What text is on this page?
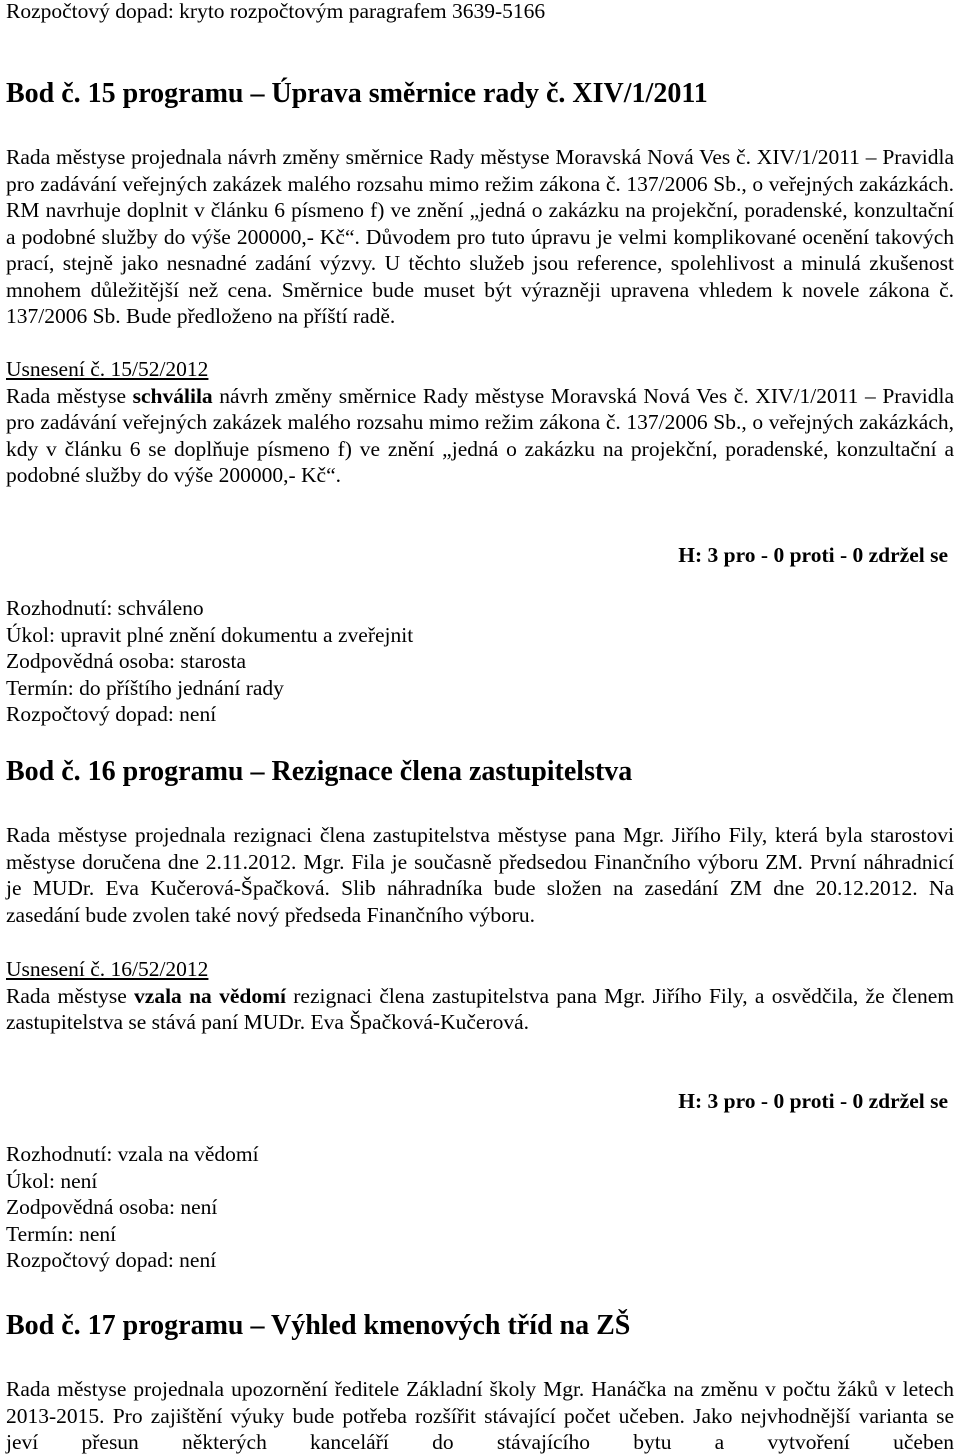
Rozpočtový dopad: kryto rozpočtovým paragrafem 3639-5166
Bod č. 15 programu – Úprava směrnice rady č. XIV/1/2011

Rada městyse projednala návrh změny směrnice Rady městyse Moravská Nová Ves č. XIV/1/2011 – Pravidla pro zadávání veřejných zakázek malého rozsahu mimo režim zákona č. 137/2006 Sb., o veřejných zakázkách. RM navrhuje doplnit v článku 6 písmeno f) ve znění „jedná o zakázku na projekční, poradenské, konzultační a podobné služby do výše 200000,- Kč“. Důvodem pro tuto úpravu je velmi komplikované ocenění takových prací, stejně jako nesnadné zadání výzvy. U těchto služeb jsou reference, spolehlivost a minulá zkušenost mnohem důležitější než cena. Směrnice bude muset být výrazněji upravena vhledem k novele zákona č. 137/2006 Sb. Bude předloženo na příští radě.

Usnesení č. 15/52/2012

Rada městyse schválila návrh změny směrnice Rady městyse Moravská Nová Ves č. XIV/1/2011 – Pravidla pro zadávání veřejných zakázek malého rozsahu mimo režim zákona č. 137/2006 Sb., o veřejných zakázkách, kdy v článku 6 se doplňuje písmeno f) ve znění „jedná o zakázku na projekční, poradenské, konzultační a podobné služby do výše 200000,- Kč“.

H: 3 pro - 0 proti - 0 zdržel se
Rozhodnutí: schváleno
Úkol: upravit plné znění dokumentu a zveřejnit
Zodpovědná osoba: starosta
Termín: do příštího jednání rady
Rozpočtový dopad: není
Bod č. 16 programu – Rezignace člena zastupitelstva

Rada městyse projednala rezignaci člena zastupitelstva městyse pana Mgr. Jiřího Fily, která byla starostovi městyse doručena dne 2.11.2012. Mgr. Fila je současně předsedou Finančního výboru ZM. První náhradnicí je MUDr. Eva Kučerová-Špačková. Slib náhradníka bude složen na zasedání ZM dne 20.12.2012. Na zasedání bude zvolen také nový předseda Finančního výboru.

Usnesení č. 16/52/2012

Rada městyse vzala na vědomí rezignaci člena zastupitelstva pana Mgr. Jiřího Fily, a osvědčila, že členem zastupitelstva se stává paní MUDr. Eva Špačková-Kučerová.

H: 3 pro - 0 proti - 0 zdržel se
Rozhodnutí: vzala na vědomí
Úkol: není
Zodpovědná osoba: není
Termín: není
Rozpočtový dopad: není
Bod č. 17 programu – Výhled kmenových tříd na ZŠ

Rada městyse projednala upozornění ředitele Základní školy Mgr. Hanáčka na změnu v počtu žáků v letech 2013-2015. Pro zajištění výuky bude potřeba rozšířit stávající počet učeben. Jako nejvhodnější varianta se jeví přesun některých kanceláří do stávajícího bytu a vytvoření učeben
